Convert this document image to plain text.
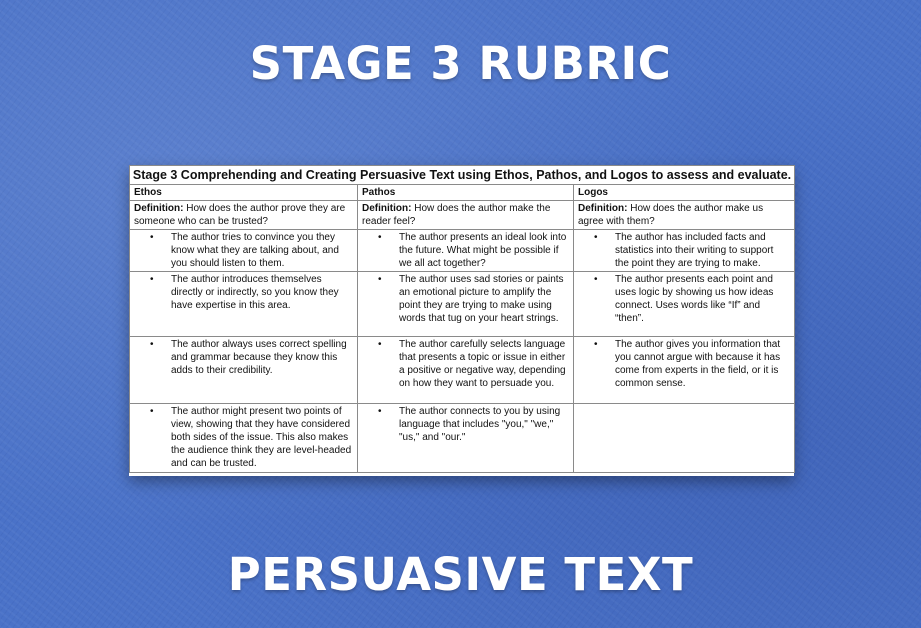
STAGE 3 RUBRIC
Stage 3 Comprehending and Creating Persuasive Text using Ethos, Pathos, and Logos to assess and evaluate.		
Ethos	Pathos	Logos
Definition: How does the author prove they are someone who can be trusted?	Definition: How does the author make the reader feel?	Definition: How does the author make us agree with them?

• The author tries to convince you they know what they are talking about, and you should listen to them.	• The author presents an ideal look into the future. What might be possible if we all act together?	• The author has included facts and statistics into their writing to support the point they are trying to make.

• The author introduces themselves directly or indirectly, so you know they have expertise in this area.	• The author uses sad stories or paints an emotional picture to amplify the point they are trying to make using words that tug on your heart strings.	• The author presents each point and uses logic by showing us how ideas connect. Uses words like “If” and “then”.

• The author always uses correct spelling and grammar because they know this adds to their credibility.	• The author carefully selects language that presents a topic or issue in either a positive or negative way, depending on how they want to persuade you.	• The author gives you information that you cannot argue with because it has come from experts in the field, or it is common sense.

• The author might present two points of view, showing that they have considered both sides of the issue. This also makes the audience think they are level-headed and can be trusted.	• The author connects to you by using language that includes "you," "we," "us," and "our."	

PERSUASIVE TEXT
